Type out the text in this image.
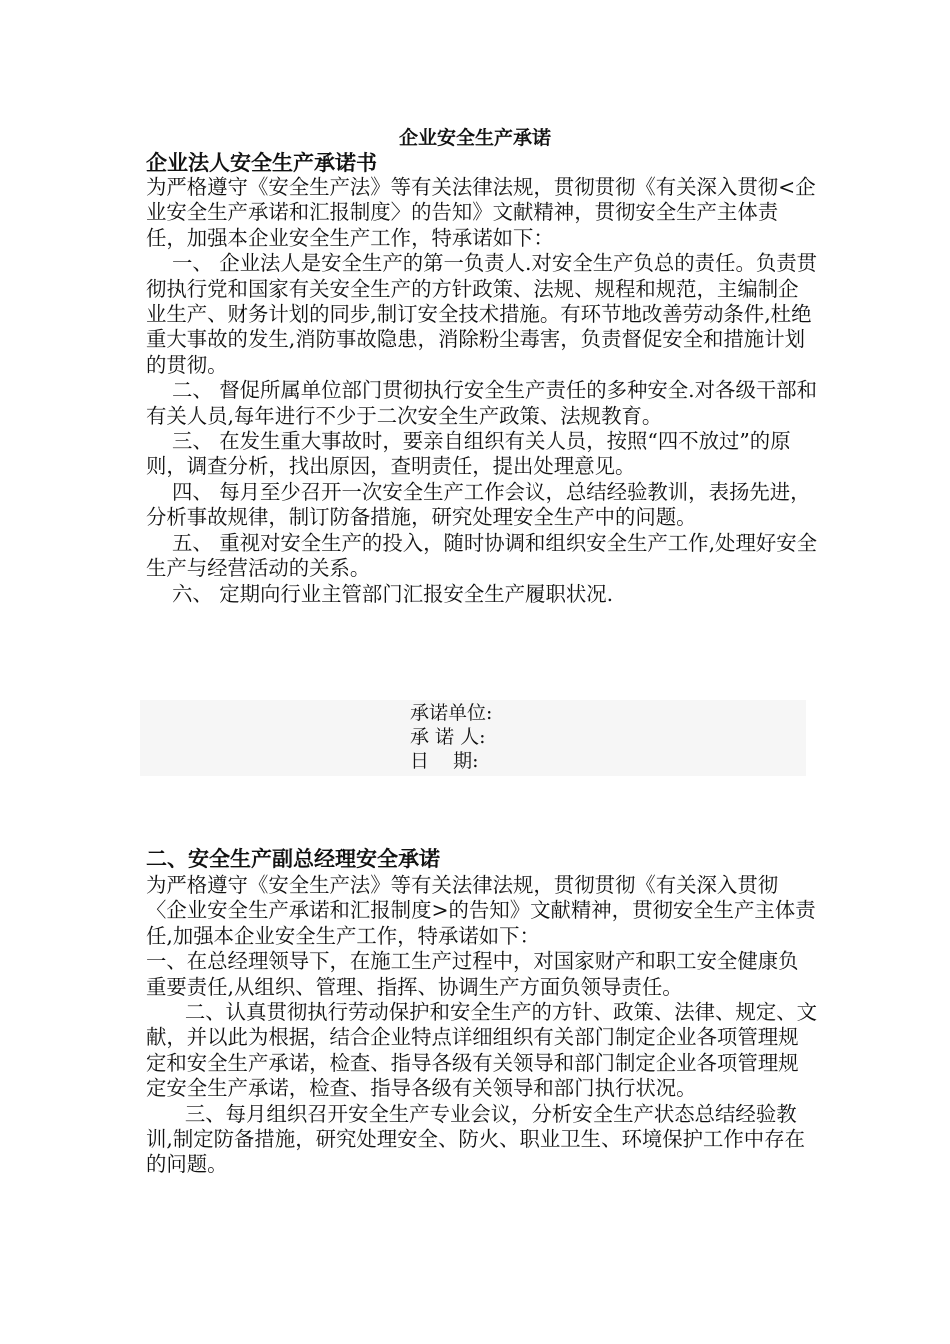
企业安全生产承诺
企业法人安全生产承诺书

为严格遵守《安全生产法》等有关法律法规，贯彻贯彻《有关深入贯彻<企业安全生产承诺和汇报制度〉的告知》文献精神，贯彻安全生产主体责任，加强本企业安全生产工作，特承诺如下：

一、 企业法人是安全生产的第一负责人.对安全生产负总的责任。负责贯彻执行党和国家有关安全生产的方针政策、法规、规程和规范，主编制企业生产、财务计划的同步,制订安全技术措施。有环节地改善劳动条件,杜绝重大事故的发生,消防事故隐患，消除粉尘毒害，负责督促安全和措施计划的贯彻。

二、 督促所属单位部门贯彻执行安全生产责任的多种安全.对各级干部和有关人员,每年进行不少于二次安全生产政策、法规教育。

三、 在发生重大事故时，要亲自组织有关人员，按照“四不放过”的原则，调查分析，找出原因，查明责任，提出处理意见。

四、 每月至少召开一次安全生产工作会议，总结经验教训，表扬先进，分析事故规律，制订防备措施，研究处理安全生产中的问题。

五、 重视对安全生产的投入，随时协调和组织安全生产工作,处理好安全生产与经营活动的关系。

六、 定期向行业主管部门汇报安全生产履职状况.

承诺单位:
承 诺 人:
日    期:
二、安全生产副总经理安全承诺

为严格遵守《安全生产法》等有关法律法规，贯彻贯彻《有关深入贯彻〈企业安全生产承诺和汇报制度>的告知》文献精神，贯彻安全生产主体责任,加强本企业安全生产工作，特承诺如下：

一、在总经理领导下，在施工生产过程中，对国家财产和职工安全健康负重要责任,从组织、管理、指挥、协调生产方面负领导责任。

二、认真贯彻执行劳动保护和安全生产的方针、政策、法律、规定、文献，并以此为根据，结合企业特点详细组织有关部门制定企业各项管理规定和安全生产承诺，检查、指导各级有关领导和部门制定企业各项管理规定安全生产承诺，检查、指导各级有关领导和部门执行状况。

三、每月组织召开安全生产专业会议，分析安全生产状态总结经验教训,制定防备措施，研究处理安全、防火、职业卫生、环境保护工作中存在的问题。
